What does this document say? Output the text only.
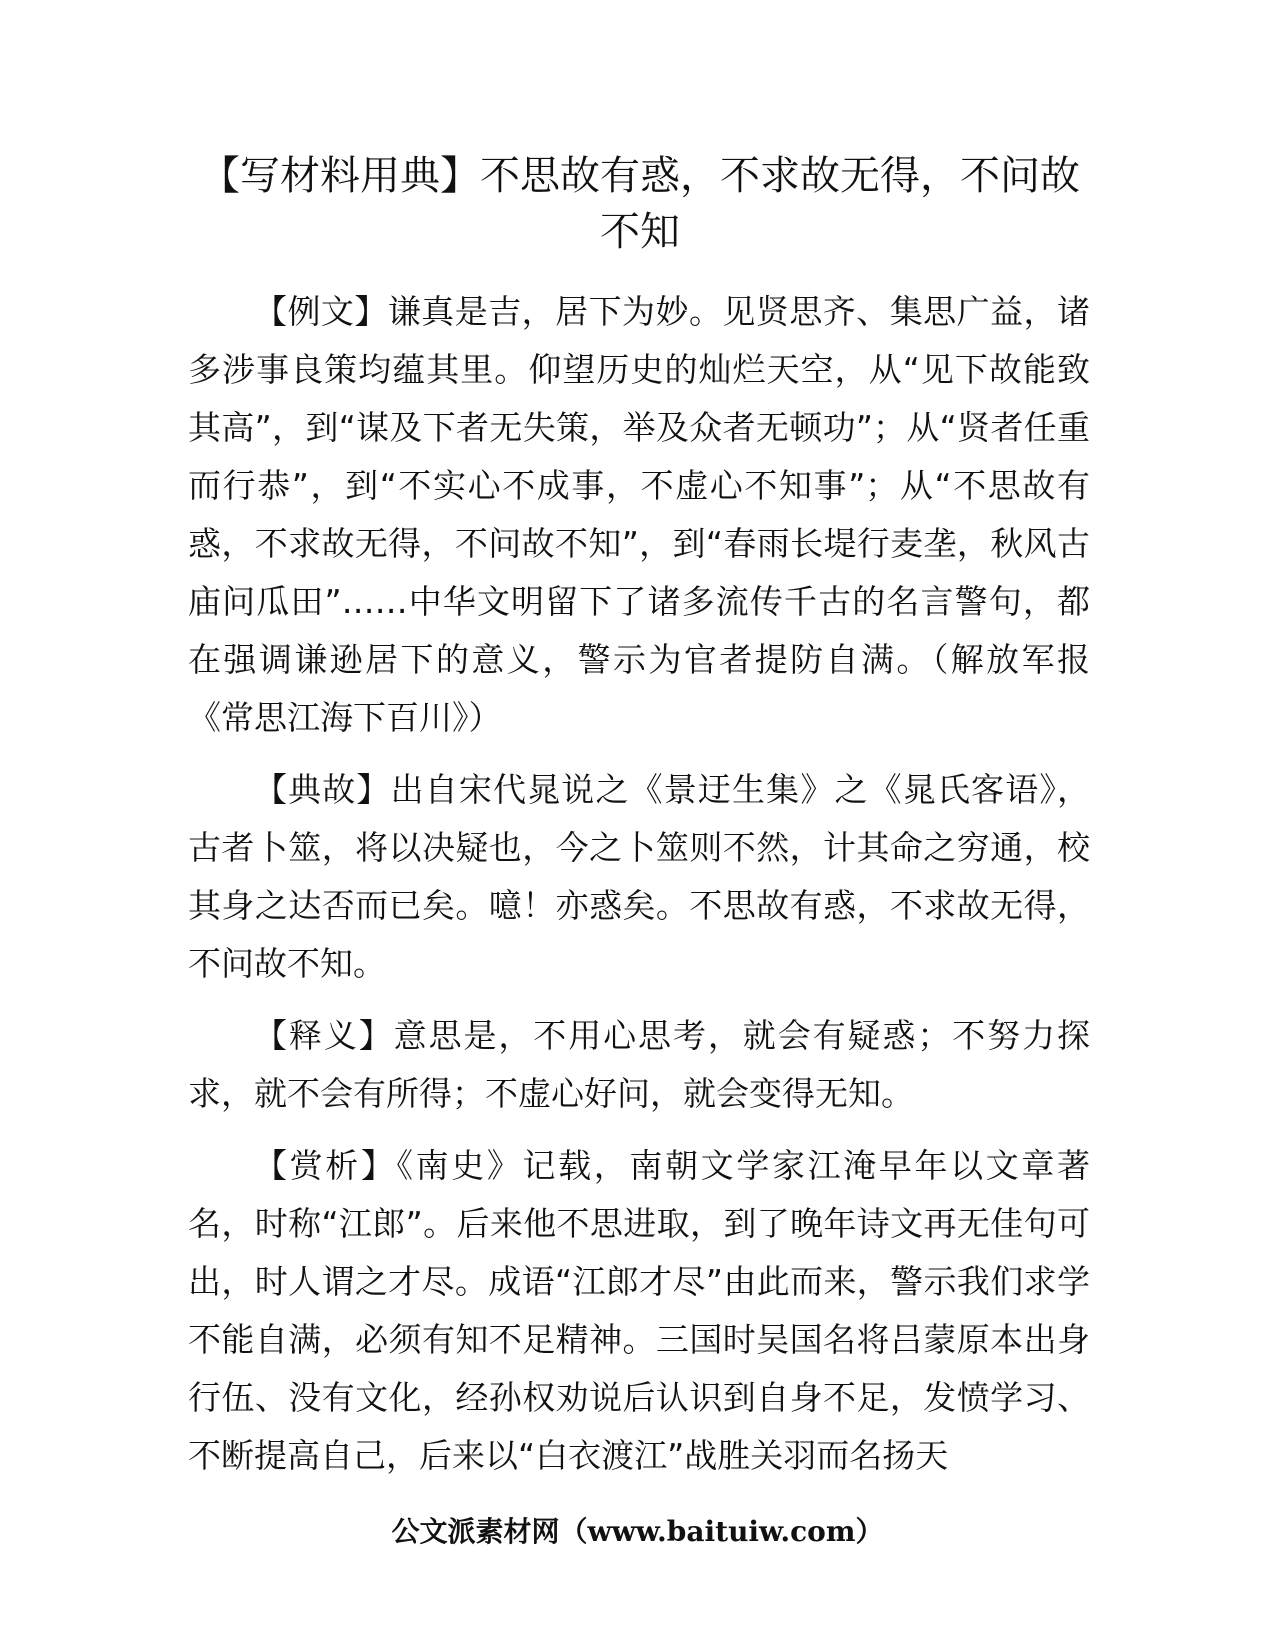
【写材料用典】不思故有惑，不求故无得，不问故不知

【例文】谦真是吉，居下为妙。见贤思齐、集思广益，诸多涉事良策均蕴其里。仰望历史的灿烂天空，从“见下故能致其高”，到“谋及下者无失策，举及众者无顿功”；从“贤者任重而行恭”，到“不实心不成事，不虚心不知事”；从“不思故有惑，不求故无得，不问故不知”，到“春雨长堤行麦垄，秋风古庙问瓜田”……中华文明留下了诸多流传千古的名言警句，都在强调谦逊居下的意义，警示为官者提防自满。（解放军报《常思江海下百川》）

【典故】出自宋代晁说之《景迂生集》之《晁氏客语》，古者卜筮，将以决疑也，今之卜筮则不然，计其命之穷通，校其身之达否而已矣。噫！亦惑矣。不思故有惑，不求故无得，不问故不知。

【释义】意思是，不用心思考，就会有疑惑；不努力探求，就不会有所得；不虚心好问，就会变得无知。

【赏析】《南史》记载，南朝文学家江淹早年以文章著名，时称“江郎”。后来他不思进取，到了晚年诗文再无佳句可出，时人谓之才尽。成语“江郎才尽”由此而来，警示我们求学不能自满，必须有知不足精神。三国时吴国名将吕蒙原本出身行伍、没有文化，经孙权劝说后认识到自身不足，发愤学习、不断提高自己，后来以“白衣渡江”战胜关羽而名扬天

公文派素材网（www.baituiw.com）
